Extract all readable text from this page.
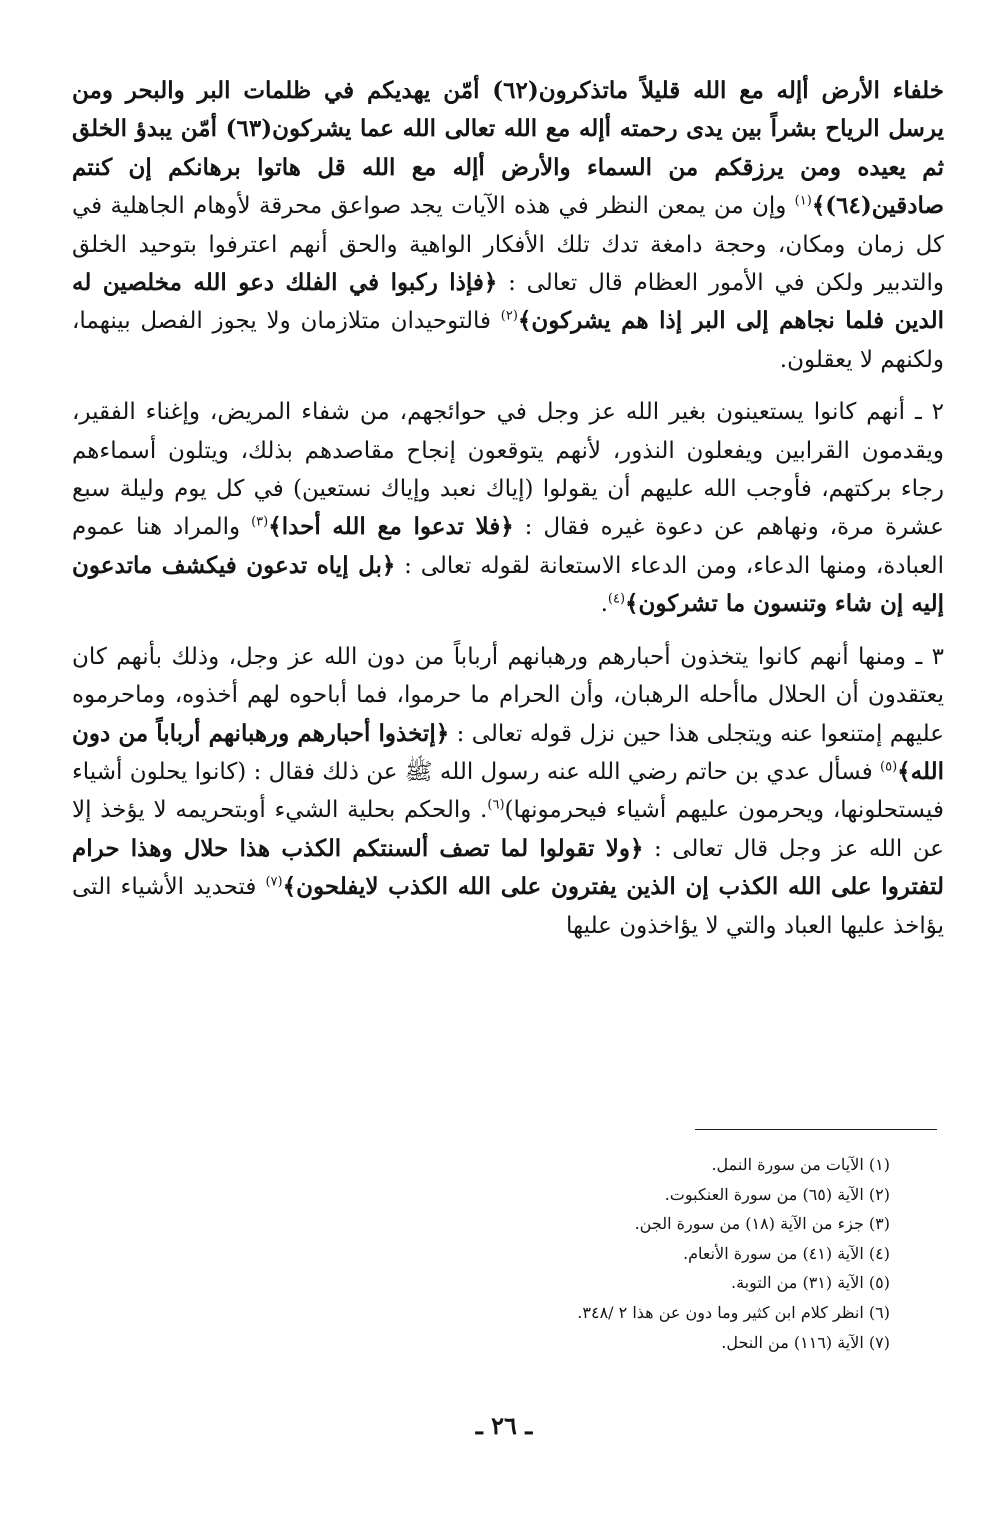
خلفاء الأرض أإله مع الله قليلاً ماتذكرون(٦٢) أمّن يهديكم في ظلمات البر والبحر ومن يرسل الرياح بشراً بين يدى رحمته أإله مع الله تعالى الله عما يشركون(٦٣) أمّن يبدؤ الخلق ثم يعيده ومن يرزقكم من السماء والأرض أإله مع الله قل هاتوا برهانكم إن كنتم صادقين(٦٤)﴾$^{(١)}$ وإن من يمعن النظر في هذه الآيات يجد صواعق محرقة لأوهام الجاهلية في كل زمان ومكان، وحجة دامغة تدك تلك الأفكار الواهية والحق أنهم اعترفوا بتوحيد الخلق والتدبير ولكن في الأمور العظام قال تعالى : ﴿فإذا ركبوا في الفلك دعو الله مخلصين له الدين فلما نجاهم إلى البر إذا هم يشركون﴾$^{(٢)}$ فالتوحيدان متلازمان ولا يجوز الفصل بينهما، ولكنهم لا يعقلون.

٢ ـ أنهم كانوا يستعينون بغير الله عز وجل في حوائجهم، من شفاء المريض، وإغناء الفقير، ويقدمون القرابين ويفعلون النذور، لأنهم يتوقعون إنجاح مقاصدهم بذلك، ويتلون أسماءهم رجاء بركتهم، فأوجب الله عليهم أن يقولوا (إياك نعبد وإياك نستعين) في كل يوم وليلة سبع عشرة مرة، ونهاهم عن دعوة غيره فقال : ﴿فلا تدعوا مع الله أحدا﴾$^{(٣)}$ والمراد هنا عموم العبادة، ومنها الدعاء، ومن الدعاء الاستعانة لقوله تعالى : ﴿بل إياه تدعون فيكشف ماتدعون إليه إن شاء وتنسون ما تشركون﴾$^{(٤)}$.

٣ ـ ومنها أنهم كانوا يتخذون أحبارهم ورهبانهم أرباباً من دون الله عز وجل، وذلك بأنهم كان يعتقدون أن الحلال ماأحله الرهبان، وأن الحرام ما حرموا، فما أباحوه لهم أخذوه، وماحرموه عليهم إمتنعوا عنه ويتجلى هذا حين نزل قوله تعالى : ﴿إتخذوا أحبارهم ورهبانهم أرباباً من دون الله﴾$^{(٥)}$ فسأل عدي بن حاتم رضي الله عنه رسول الله ﷺ عن ذلك فقال : (كانوا يحلون أشياء فيستحلونها، ويحرمون عليهم أشياء فيحرمونها)$^{(٦)}$. والحكم بحلية الشيء أوبتحريمه لا يؤخذ إلا عن الله عز وجل قال تعالى : ﴿ولا تقولوا لما تصف ألسنتكم الكذب هذا حلال وهذا حرام لتفتروا على الله الكذب إن الذين يفترون على الله الكذب لايفلحون﴾$^{(٧)}$ فتحديد الأشياء التى يؤاخذ عليها العباد والتي لا يؤاخذون عليها

(١) الآيات من سورة النمل.

(٢) الآية (٦٥) من سورة العنكبوت.

(٣) جزء من الآية (١٨) من سورة الجن.

(٤) الآية (٤١) من سورة الأنعام.

(٥) الآية (٣١) من التوبة.

(٦) انظر كلام ابن كثير وما دون عن هذا ٢ /٣٤٨.

(٧) الآية (١١٦) من النحل.

ـ ٢٦ ـ
